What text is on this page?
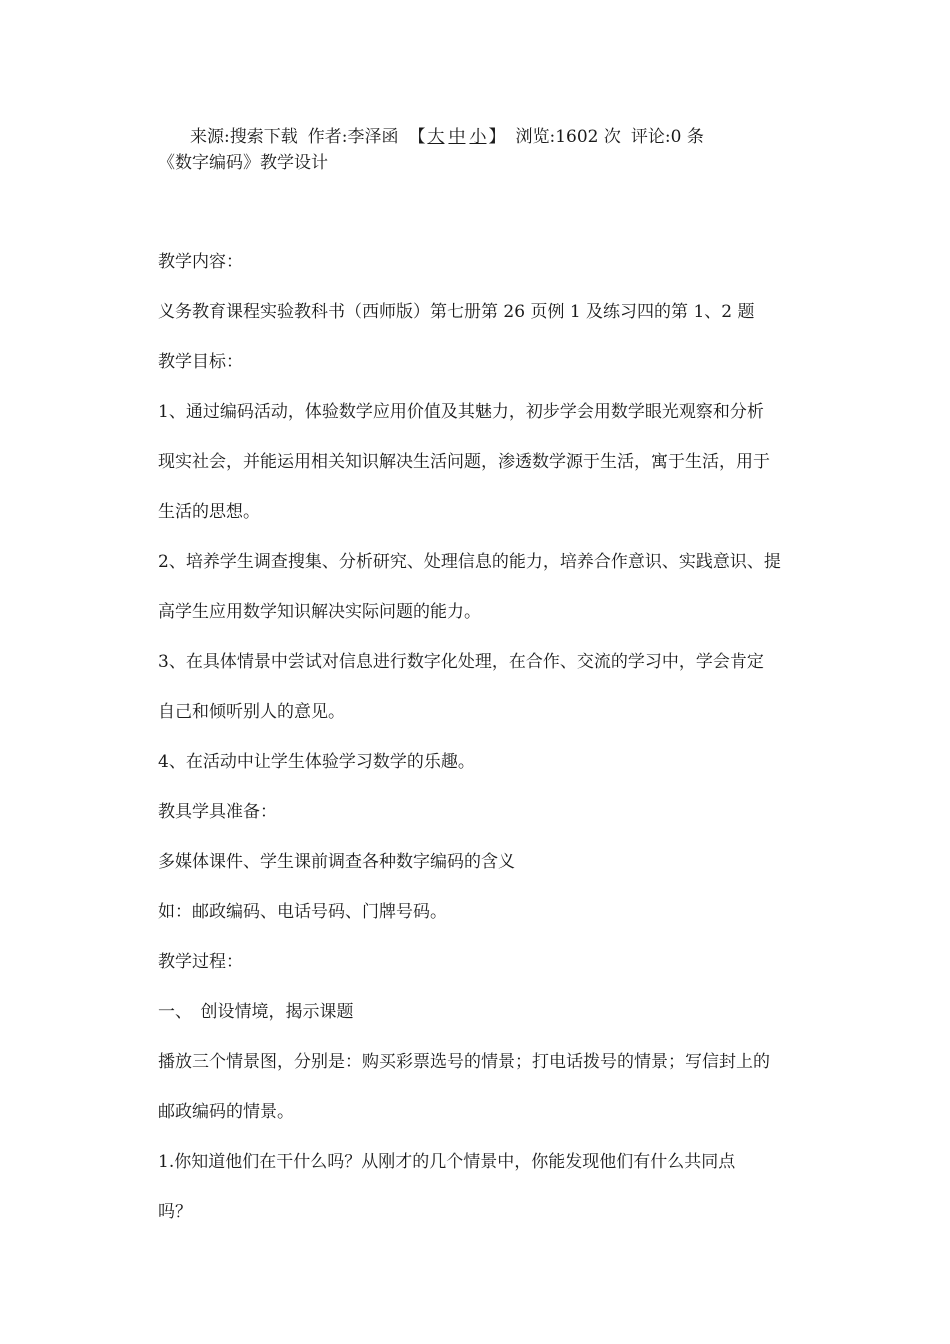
来源:搜索下载 作者:李泽函 【 大 中 小 】 浏览:1602 次 评论:0 条
《数字编码》教学设计
教学内容：
义务教育课程实验教科书（西师版）第七册第 26 页例 1 及练习四的第 1、2 题
教学目标：
1、通过编码活动，体验数学应用价值及其魅力，初步学会用数学眼光观察和分析
现实社会，并能运用相关知识解决生活问题，渗透数学源于生活，寓于生活，用于
生活的思想。
2、培养学生调查搜集、分析研究、处理信息的能力，培养合作意识、实践意识、提
高学生应用数学知识解决实际问题的能力。
3、在具体情景中尝试对信息进行数字化处理，在合作、交流的学习中，学会肯定
自己和倾听别人的意见。
4、在活动中让学生体验学习数学的乐趣。
教具学具准备：
多媒体课件、学生课前调查各种数字编码的含义
如：邮政编码、电话号码、门牌号码。
教学过程：
一、　创设情境，揭示课题
播放三个情景图，分别是：购买彩票选号的情景；打电话拨号的情景；写信封上的
邮政编码的情景。
1.你知道他们在干什么吗？从刚才的几个情景中，你能发现他们有什么共同点
吗？
